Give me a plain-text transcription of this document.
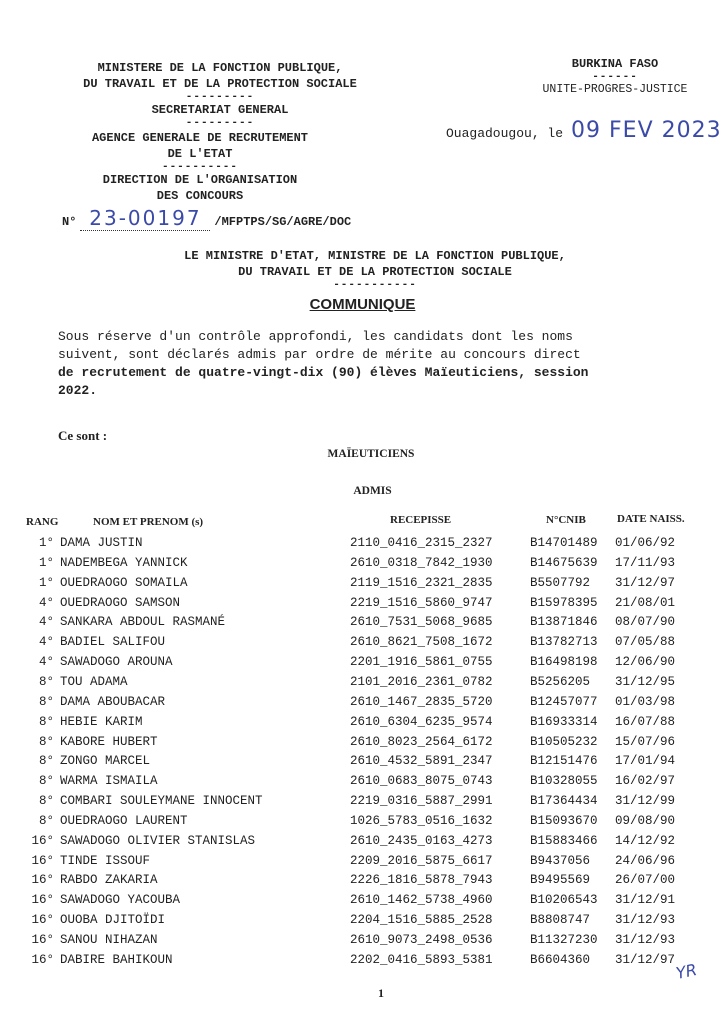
MINISTERE DE LA FONCTION PUBLIQUE,
DU TRAVAIL ET DE LA PROTECTION SOCIALE
---------
SECRETARIAT GENERAL
---------
AGENCE GENERALE DE RECRUTEMENT
DE L'ETAT
----------
DIRECTION DE L'ORGANISATION
DES CONCOURS
BURKINA FASO
------
UNITE-PROGRES-JUSTICE
Ouagadougou, le 09 FEV 2023
N° 23-00197 /MFPTPS/SG/AGRE/DOC
LE MINISTRE D'ETAT, MINISTRE DE LA FONCTION PUBLIQUE,
DU TRAVAIL ET DE LA PROTECTION SOCIALE
-----------
COMMUNIQUE
Sous réserve d'un contrôle approfondi, les candidats dont les noms
suivent, sont déclarés admis par ordre de mérite au concours direct
de recrutement de quatre-vingt-dix (90) élèves Maïeuticiens, session
2022.
Ce sont :
MAÏEUTICIENS
ADMIS
RANG	NOM ET PRENOM (s)	RECEPISSE	N°CNIB	DATE NAISS.
1° DAMA JUSTIN	2110_0416_2315_2327	B14701489 01/06/92
1° NADEMBEGA YANNICK	2610_0318_7842_1930	B14675639 17/11/93
1° OUEDRAOGO SOMAILA	2119_1516_2321_2835	B5507792 31/12/97
4° OUEDRAOGO SAMSON	2219_1516_5860_9747	B15978395 21/08/01
4° SANKARA ABDOUL RASMANÉ	2610_7531_5068_9685	B13871846 08/07/90
4° BADIEL SALIFOU	2610_8621_7508_1672	B13782713 07/05/88
4° SAWADOGO AROUNA	2201_1916_5861_0755	B16498198 12/06/90
8° TOU ADAMA	2101_2016_2361_0782	B5256205 31/12/95
8° DAMA ABOUBACAR	2610_1467_2835_5720	B12457077 01/03/98
8° HEBIE KARIM	2610_6304_6235_9574	B16933314 16/07/88
8° KABORE HUBERT	2610_8023_2564_6172	B10505232 15/07/96
8° ZONGO MARCEL	2610_4532_5891_2347	B12151476 17/01/94
8° WARMA ISMAILA	2610_0683_8075_0743	B10328055 16/02/97
8° COMBARI SOULEYMANE INNOCENT	2219_0316_5887_2991	B17364434 31/12/99
8° OUEDRAOGO LAURENT	1026_5783_0516_1632	B15093670 09/08/90
16° SAWADOGO OLIVIER STANISLAS	2610_2435_0163_4273	B15883466 14/12/92
16° TINDE ISSOUF	2209_2016_5875_6617	B9437056 24/06/96
16° RABDO ZAKARIA	2226_1816_5878_7943	B9495569 26/07/00
16° SAWADOGO YACOUBA	2610_1462_5738_4960	B10206543 31/12/91
16° OUOBA DJITOÏDI	2204_1516_5885_2528	B8808747 31/12/93
16° SANOU NIHAZAN	2610_9073_2498_0536	B11327230 31/12/93
16° DABIRE BAHIKOUN	2202_0416_5893_5381	B6604360 31/12/97
1
YR
